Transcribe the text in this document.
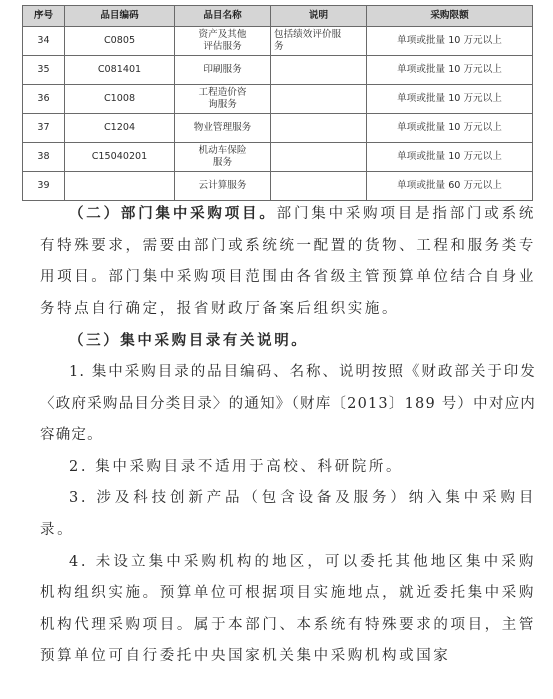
序号	品目编码	品目名称	说明	采购限额
34	C0805	资产及其他评估服务	包括绩效评价服务	单项或批量 10 万元以上
35	C081401	印刷服务		单项或批量 10 万元以上
36	C1008	工程造价咨询服务		单项或批量 10 万元以上
37	C1204	物业管理服务		单项或批量 10 万元以上
38	C15040201	机动车保险服务		单项或批量 10 万元以上
39		云计算服务		单项或批量 60 万元以上

（二）部门集中采购项目。部门集中采购项目是指部门或系统有特殊要求，需要由部门或系统统一配置的货物、工程和服务类专用项目。部门集中采购项目范围由各省级主管预算单位结合自身业务特点自行确定，报省财政厅备案后组织实施。

（三）集中采购目录有关说明。

1. 集中采购目录的品目编码、名称、说明按照《财政部关于印发〈政府采购品目分类目录〉的通知》（财库〔2013〕189 号）中对应内容确定。

2. 集中采购目录不适用于高校、科研院所。

3. 涉及科技创新产品（包含设备及服务）纳入集中采购目录。

4. 未设立集中采购机构的地区，可以委托其他地区集中采购机构组织实施。预算单位可根据项目实施地点，就近委托集中采购机构代理采购项目。属于本部门、本系统有特殊要求的项目，主管预算单位可自行委托中央国家机关集中采购机构或国家
